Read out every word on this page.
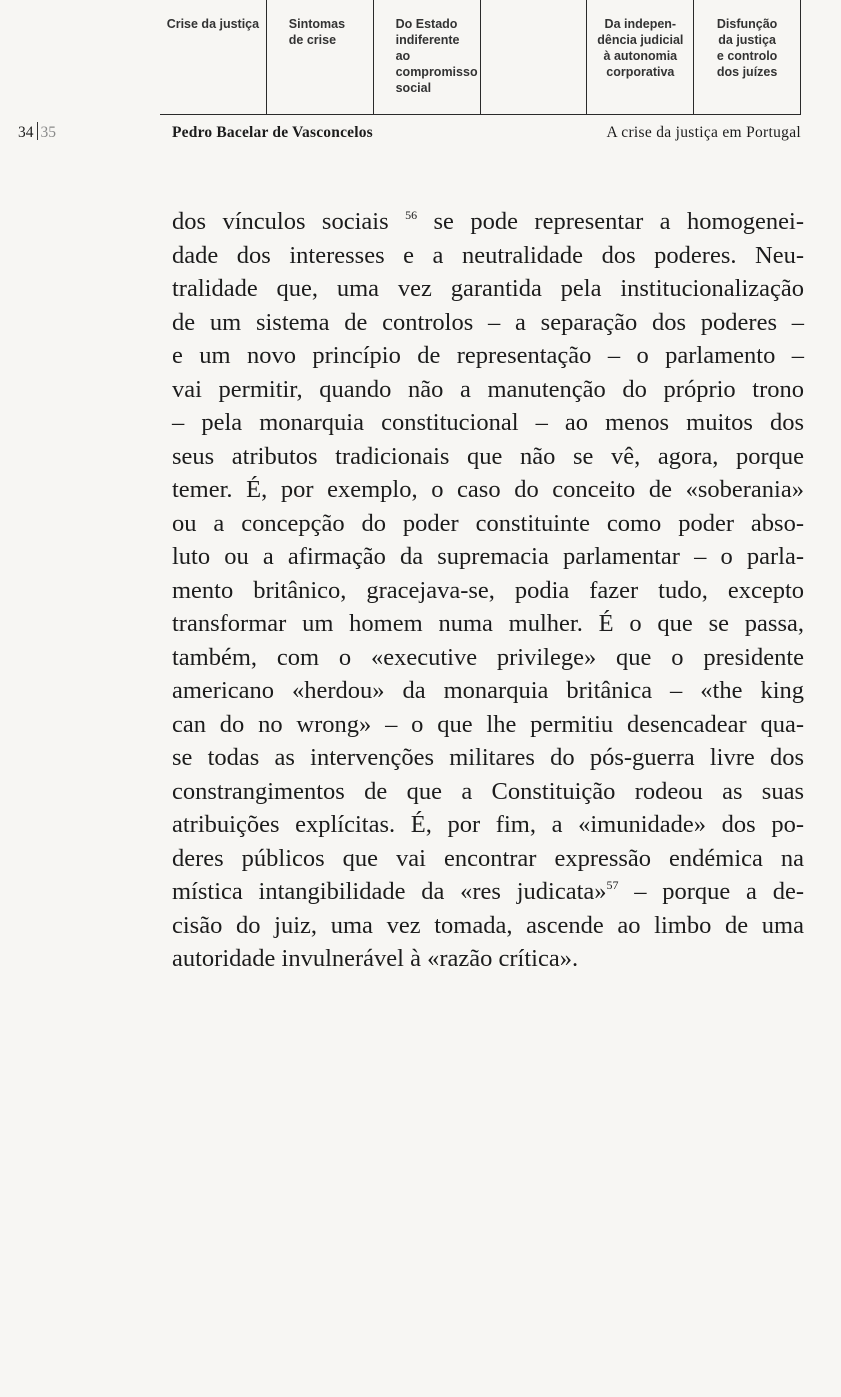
Crise da justiça Sintomas
de crise
Do Estado
indiferente
ao compromisso
social
Da indepen-
dência judicial
à autonomia
corporativa
Disfunção
da justiça
e controlo
dos juízes
34 35	Pedro Bacelar de Vasconcelos	A crise da justiça em Portugal
dos vínculos sociais $^{56}$ se pode representar a homogenei-
dade dos interesses e a neutralidade dos poderes. Neu-
tralidade que, uma vez garantida pela institucionalização
de um sistema de controlos – a separação dos poderes –
e um novo princípio de representação – o parlamento –
vai permitir, quando não a manutenção do próprio trono
– pela monarquia constitucional – ao menos muitos dos
seus atributos tradicionais que não se vê, agora, porque
temer. É, por exemplo, o caso do conceito de «soberania»
ou a concepção do poder constituinte como poder abso-
luto ou a afirmação da supremacia parlamentar – o parla-
mento britânico, gracejava-se, podia fazer tudo, excepto
transformar um homem numa mulher. É o que se passa,
também, com o «executive privilege» que o presidente
americano «herdou» da monarquia britânica – «the king
can do no wrong» – o que lhe permitiu desencadear qua-
se todas as intervenções militares do pós-guerra livre dos
constrangimentos de que a Constituição rodeou as suas
atribuições explícitas. É, por fim, a «imunidade» dos po-
deres públicos que vai encontrar expressão endémica na
mística intangibilidade da «res judicata»$^{57}$ – porque a de-
cisão do juiz, uma vez tomada, ascende ao limbo de uma
autoridade invulnerável à «razão crítica».
